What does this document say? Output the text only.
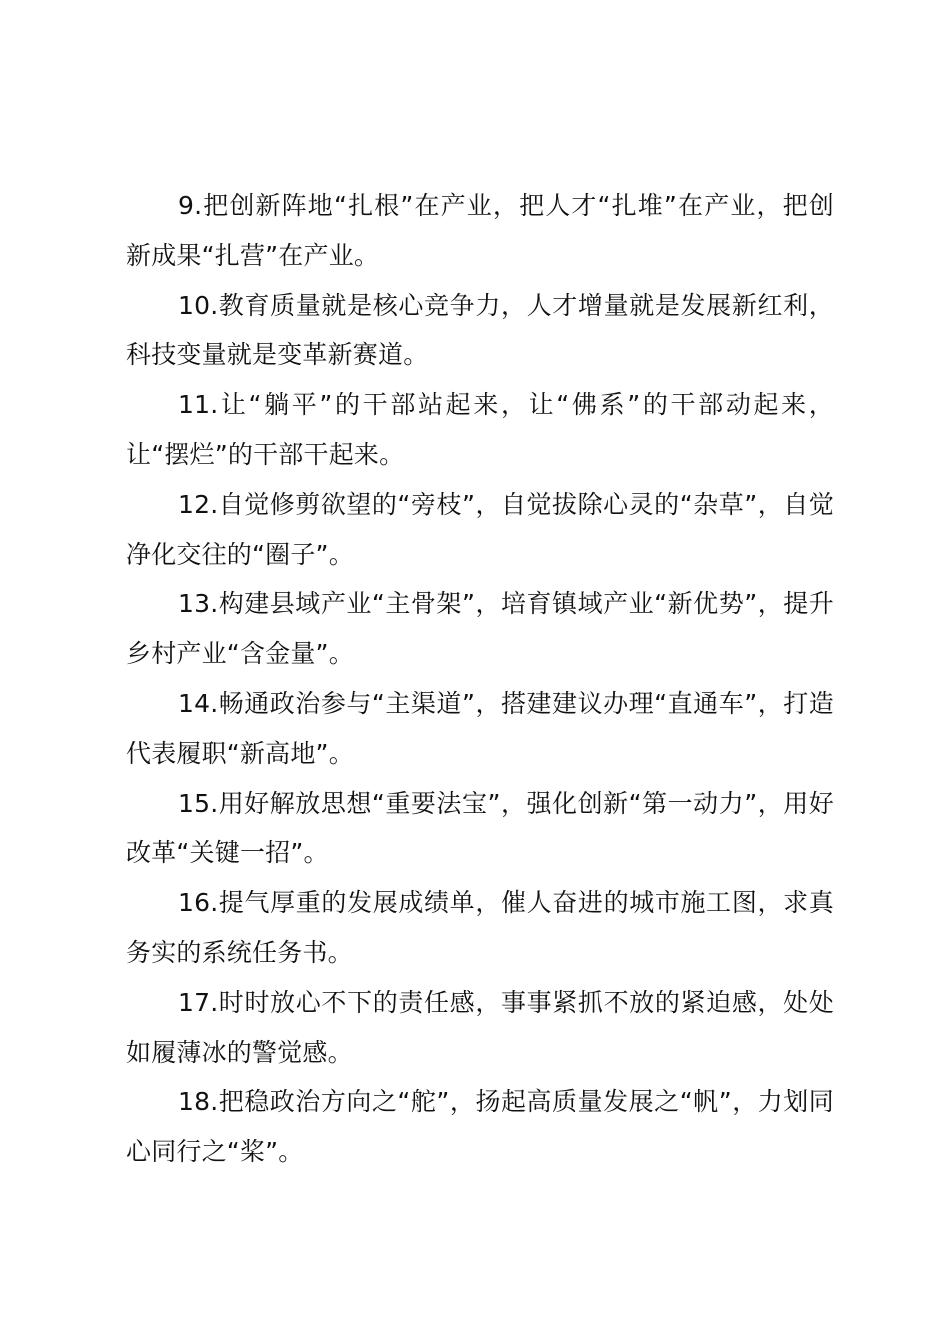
9.把创新阵地“扎根”在产业，把人才“扎堆”在产业，把创新成果“扎营”在产业。

10.教育质量就是核心竞争力，人才增量就是发展新红利，科技变量就是变革新赛道。

11.让“躺平”的干部站起来，让“佛系”的干部动起来，让“摆烂”的干部干起来。

12.自觉修剪欲望的“旁枝”，自觉拔除心灵的“杂草”，自觉净化交往的“圈子”。

13.构建县域产业“主骨架”，培育镇域产业“新优势”，提升乡村产业“含金量”。

14.畅通政治参与“主渠道”，搭建建议办理“直通车”，打造代表履职“新高地”。

15.用好解放思想“重要法宝”，强化创新“第一动力”，用好改革“关键一招”。

16.提气厚重的发展成绩单，催人奋进的城市施工图，求真务实的系统任务书。

17.时时放心不下的责任感，事事紧抓不放的紧迫感，处处如履薄冰的警觉感。

18.把稳政治方向之“舵”，扬起高质量发展之“帆”，力划同心同行之“桨”。
